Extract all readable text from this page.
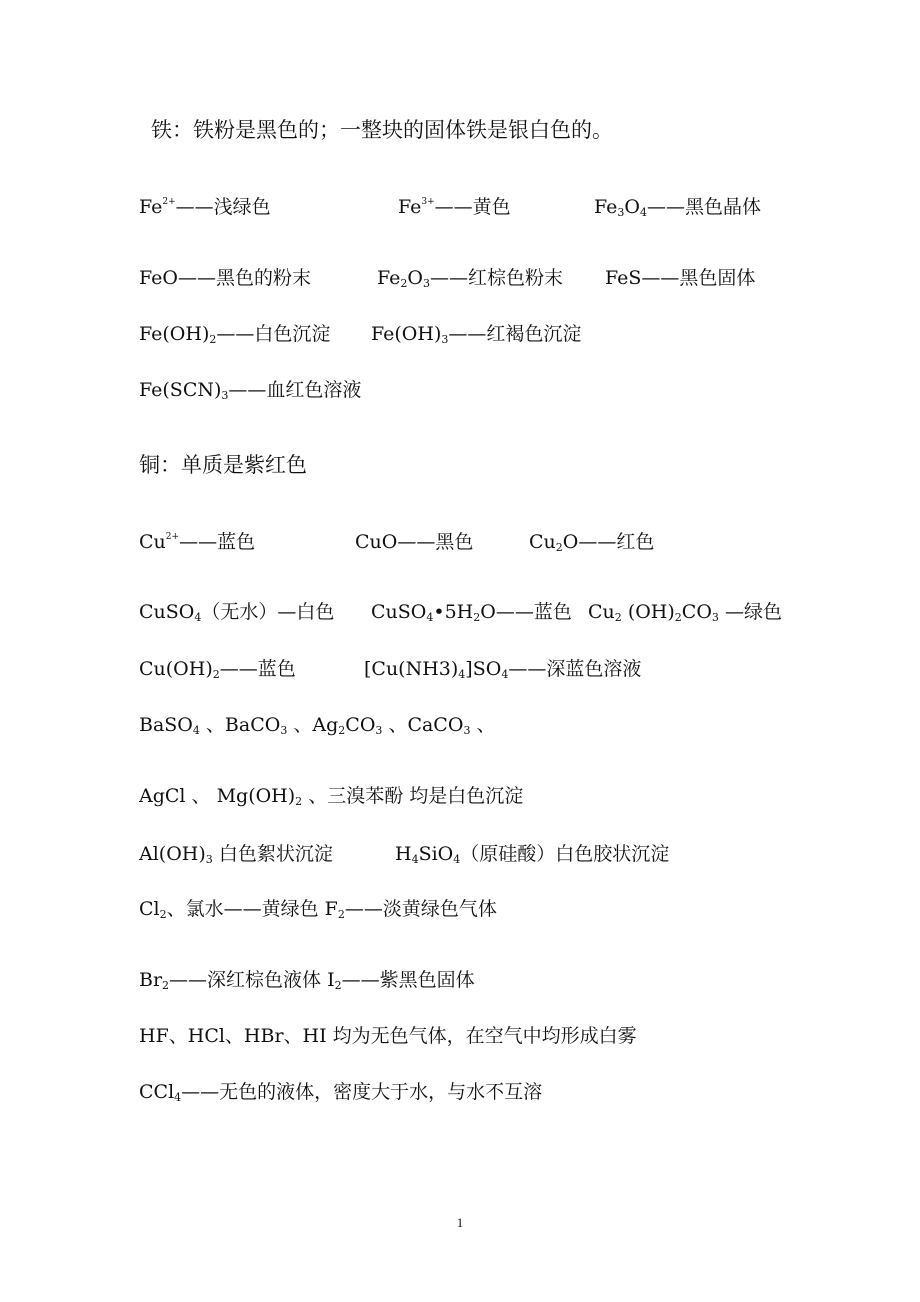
铁：铁粉是黑色的；一整块的固体铁是银白色的。
$Fe^{2+}——$浅绿色	$Fe^{3+}——$黄色	$Fe_3O_4——$黑色晶体
FeO——黑色的粉末	$Fe_2O_3——$红棕色粉末 FeS——黑色固体
$Fe(OH)_2——$白色沉淀 $Fe(OH)_3——$红褐色沉淀
$Fe(SCN)_3——$血红色溶液
铜：单质是紫红色
$Cu^{2+}——$蓝色	CuO——黑色	$Cu_2O——$红色
CuSO$_4$（无水）—白色 $CuSO_4•5H_2O——$蓝色 $Cu_2$ $(OH)_2CO_3$ —绿色
$Cu(OH)_2——$蓝色	$[Cu(NH3)_4]SO_4——$深蓝色溶液
BaSO$_4$ 、BaCO$_3$ 、$Ag_2CO_3$ 、CaCO$_3$ 、
AgCl 、 $Mg(OH)_2$ 、三溴苯酚 均是白色沉淀
$Al(OH)_3$ 白色絮状沉淀	$H_4SiO_4$（原硅酸）白色胶状沉淀
$Cl_2$、氯水——黄绿色 $F_2——$淡黄绿色气体
$Br_2——$深红棕色液体 $I_2——$紫黑色固体
HF、HCl、HBr、HI 均为无色气体，在空气中均形成白雾
CCl$_4$——无色的液体，密度大于水，与水不互溶
1
